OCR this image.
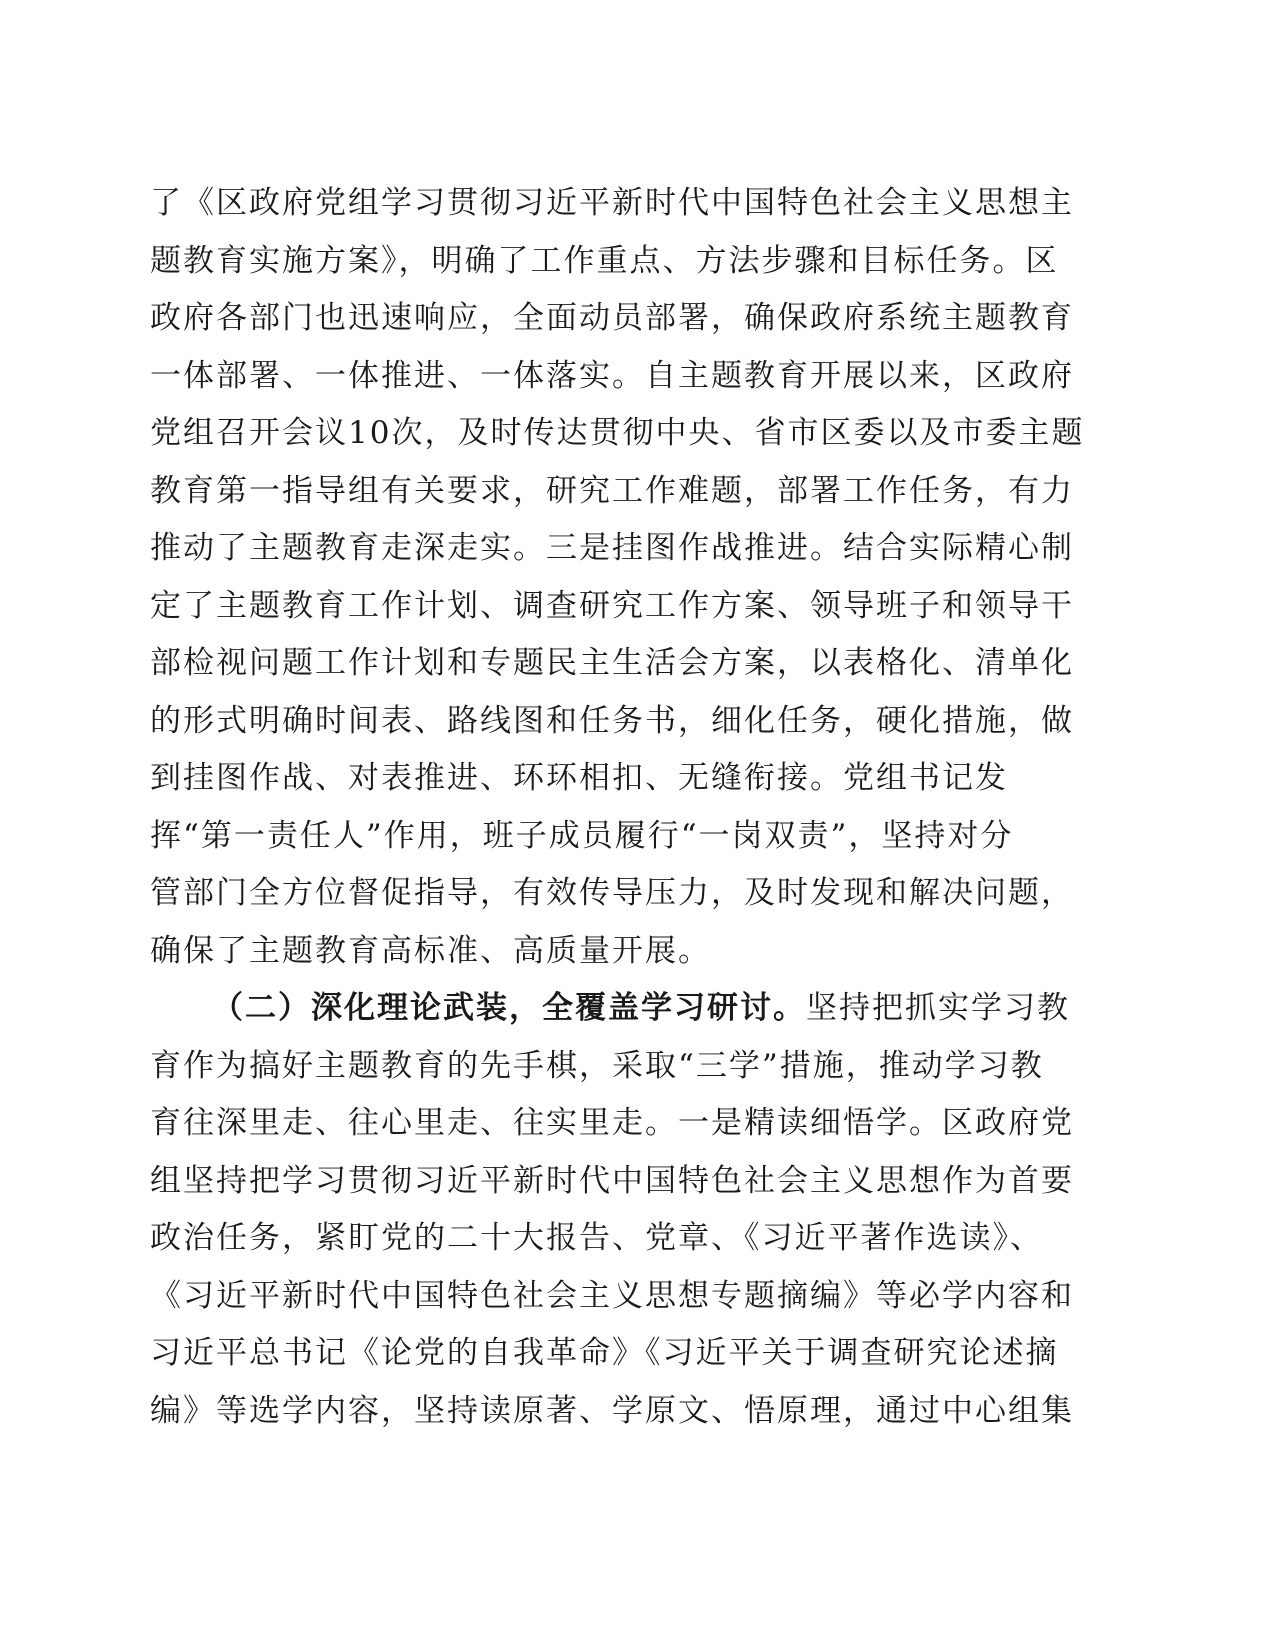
了《区政府党组学习贯彻习近平新时代中国特色社会主义思想主
题教育实施方案》，明确了工作重点、方法步骤和目标任务。区
政府各部门也迅速响应，全面动员部署，确保政府系统主题教育
一体部署、一体推进、一体落实。自主题教育开展以来，区政府
党组召开会议10次，及时传达贯彻中央、省市区委以及市委主题
教育第一指导组有关要求，研究工作难题，部署工作任务，有力
推动了主题教育走深走实。三是挂图作战推进。结合实际精心制
定了主题教育工作计划、调查研究工作方案、领导班子和领导干
部检视问题工作计划和专题民主生活会方案，以表格化、清单化
的形式明确时间表、路线图和任务书，细化任务，硬化措施，做
到挂图作战、对表推进、环环相扣、无缝衔接。党组书记发
挥“第一责任人”作用，班子成员履行“一岗双责”，坚持对分
管部门全方位督促指导，有效传导压力，及时发现和解决问题，
确保了主题教育高标准、高质量开展。
（二）深化理论武装，全覆盖学习研讨。坚持把抓实学习教
育作为搞好主题教育的先手棋，采取“三学”措施，推动学习教
育往深里走、往心里走、往实里走。一是精读细悟学。区政府党
组坚持把学习贯彻习近平新时代中国特色社会主义思想作为首要
政治任务，紧盯党的二十大报告、党章、《习近平著作选读》、
《习近平新时代中国特色社会主义思想专题摘编》等必学内容和
习近平总书记《论党的自我革命》《习近平关于调查研究论述摘
编》等选学内容，坚持读原著、学原文、悟原理，通过中心组集
